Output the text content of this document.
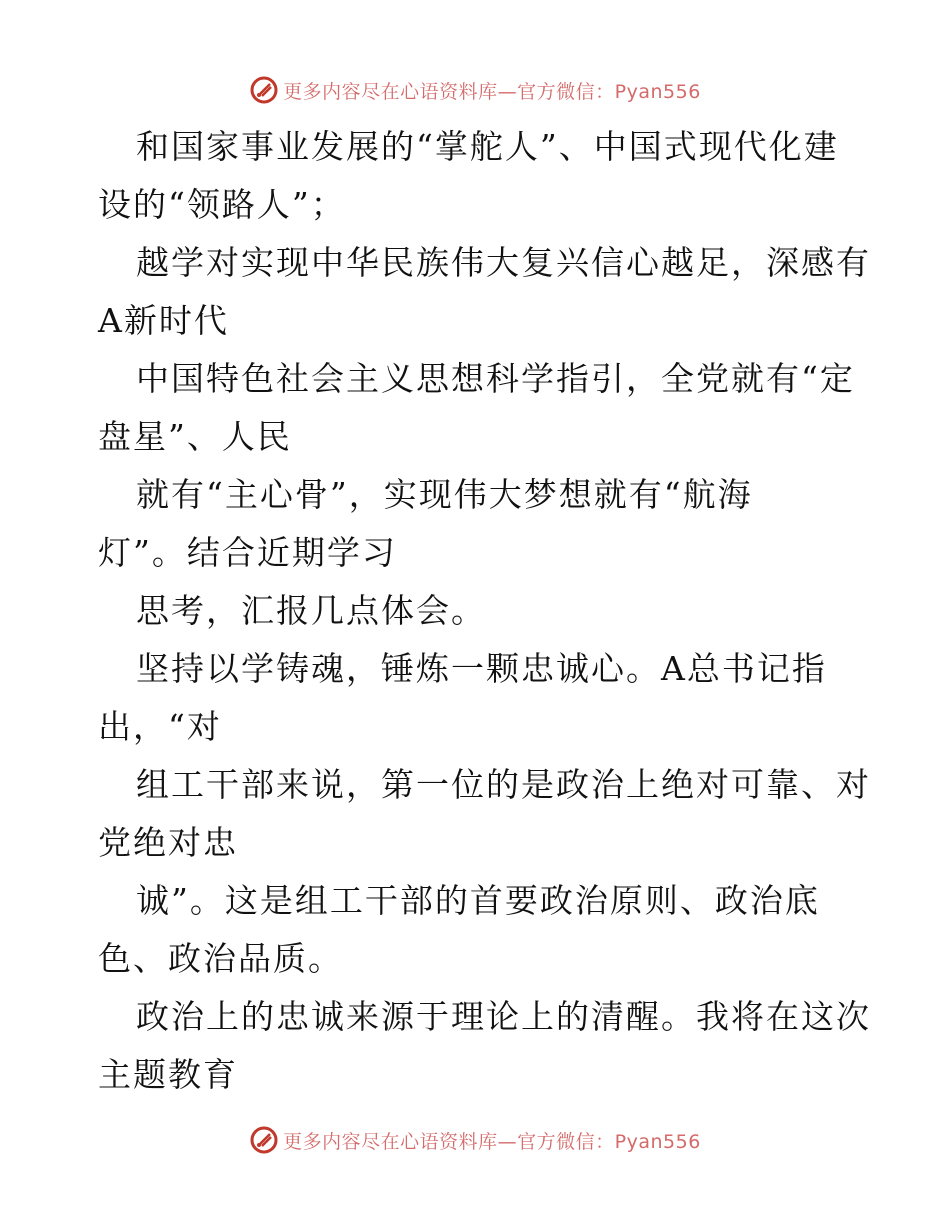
更多内容尽在心语资料库—官方微信：Pyan556
和国家事业发展的“掌舵人”、中国式现代化建
设的“领路人”；
越学对实现中华民族伟大复兴信心越足，深感有
A新时代
中国特色社会主义思想科学指引，全党就有“定
盘星”、人民
就有“主心骨”，实现伟大梦想就有“航海
灯”。结合近期学习
思考，汇报几点体会。
坚持以学铸魂，锤炼一颗忠诚心。A总书记指
出，“对
组工干部来说，第一位的是政治上绝对可靠、对
党绝对忠
诚”。这是组工干部的首要政治原则、政治底
色、政治品质。
政治上的忠诚来源于理论上的清醒。我将在这次
主题教育
更多内容尽在心语资料库—官方微信：Pyan556
